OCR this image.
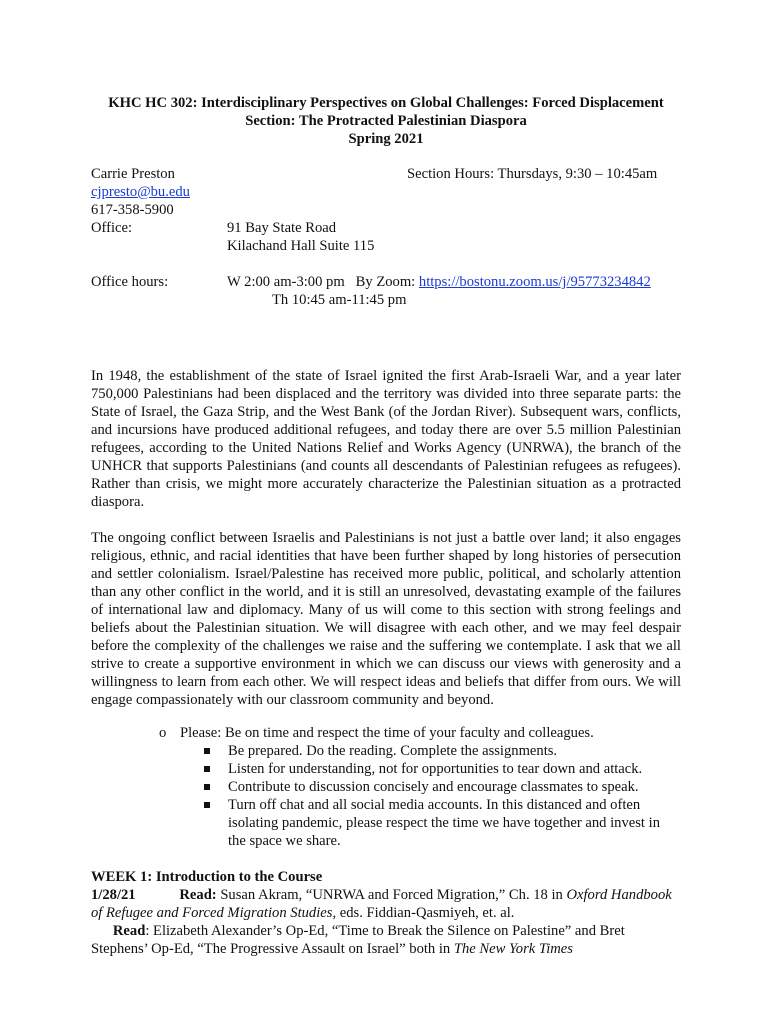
KHC HC 302: Interdisciplinary Perspectives on Global Challenges: Forced Displacement
Section: The Protracted Palestinian Diaspora
Spring 2021
Carrie Preston	Section Hours: Thursdays, 9:30 – 10:45am
cjpresto@bu.edu
617-358-5900
Office:	91 Bay State Road
Kilachand Hall Suite 115
Office hours:	W 2:00 am-3:00 pm By Zoom: https://bostonu.zoom.us/j/95773234842
Th 10:45 am-11:45 pm

In 1948, the establishment of the state of Israel ignited the first Arab-Israeli War, and a year later 750,000 Palestinians had been displaced and the territory was divided into three separate parts: the State of Israel, the Gaza Strip, and the West Bank (of the Jordan River). Subsequent wars, conflicts, and incursions have produced additional refugees, and today there are over 5.5 million Palestinian refugees, according to the United Nations Relief and Works Agency (UNRWA), the branch of the UNHCR that supports Palestinians (and counts all descendants of Palestinian refugees as refugees). Rather than crisis, we might more accurately characterize the Palestinian situation as a protracted diaspora.

The ongoing conflict between Israelis and Palestinians is not just a battle over land; it also engages religious, ethnic, and racial identities that have been further shaped by long histories of persecution and settler colonialism. Israel/Palestine has received more public, political, and scholarly attention than any other conflict in the world, and it is still an unresolved, devastating example of the failures of international law and diplomacy. Many of us will come to this section with strong feelings and beliefs about the Palestinian situation. We will disagree with each other, and we may feel despair before the complexity of the challenges we raise and the suffering we contemplate. I ask that we all strive to create a supportive environment in which we can discuss our views with generosity and a willingness to learn from each other. We will respect ideas and beliefs that differ from ours. We will engage compassionately with our classroom community and beyond.

o Please: Be on time and respect the time of your faculty and colleagues.
Be prepared. Do the reading. Complete the assignments.
Listen for understanding, not for opportunities to tear down and attack.
Contribute to discussion concisely and encourage classmates to speak.
Turn off chat and all social media accounts. In this distanced and often isolating pandemic, please respect the time we have together and invest in the space we share.
WEEK 1: Introduction to the Course
1/28/21	Read: Susan Akram, “UNRWA and Forced Migration,” Ch. 18 in Oxford Handbook of Refugee and Forced Migration Studies, eds. Fiddian-Qasmiyeh, et. al.
Read: Elizabeth Alexander’s Op-Ed, “Time to Break the Silence on Palestine” and Bret Stephens’ Op-Ed, “The Progressive Assault on Israel” both in The New York Times
